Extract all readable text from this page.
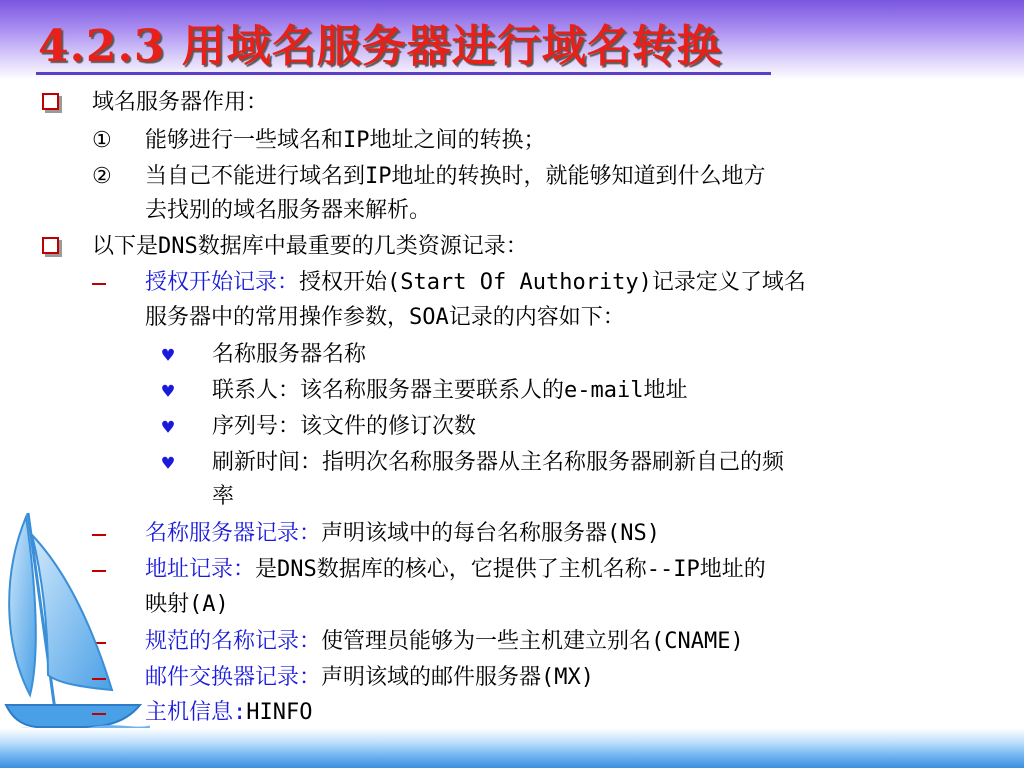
4.2.3 用域名服务器进行域名转换
域名服务器作用：
① 能够进行一些域名和IP地址之间的转换；
② 当自己不能进行域名到IP地址的转换时，就能够知道到什么地方
去找别的域名服务器来解析。
以下是DNS数据库中最重要的几类资源记录：
授权开始记录：授权开始(Start Of Authority)记录定义了域名
服务器中的常用操作参数，SOA记录的内容如下：
♥ 名称服务器名称
♥ 联系人：该名称服务器主要联系人的e-mail地址
♥ 序列号：该文件的修订次数
♥ 刷新时间：指明次名称服务器从主名称服务器刷新自己的频
率
名称服务器记录：声明该域中的每台名称服务器(NS)
地址记录：是DNS数据库的核心，它提供了主机名称--IP地址的
映射(A)
规范的名称记录：使管理员能够为一些主机建立别名(CNAME)
邮件交换器记录：声明该域的邮件服务器(MX)
主机信息:HINFO
